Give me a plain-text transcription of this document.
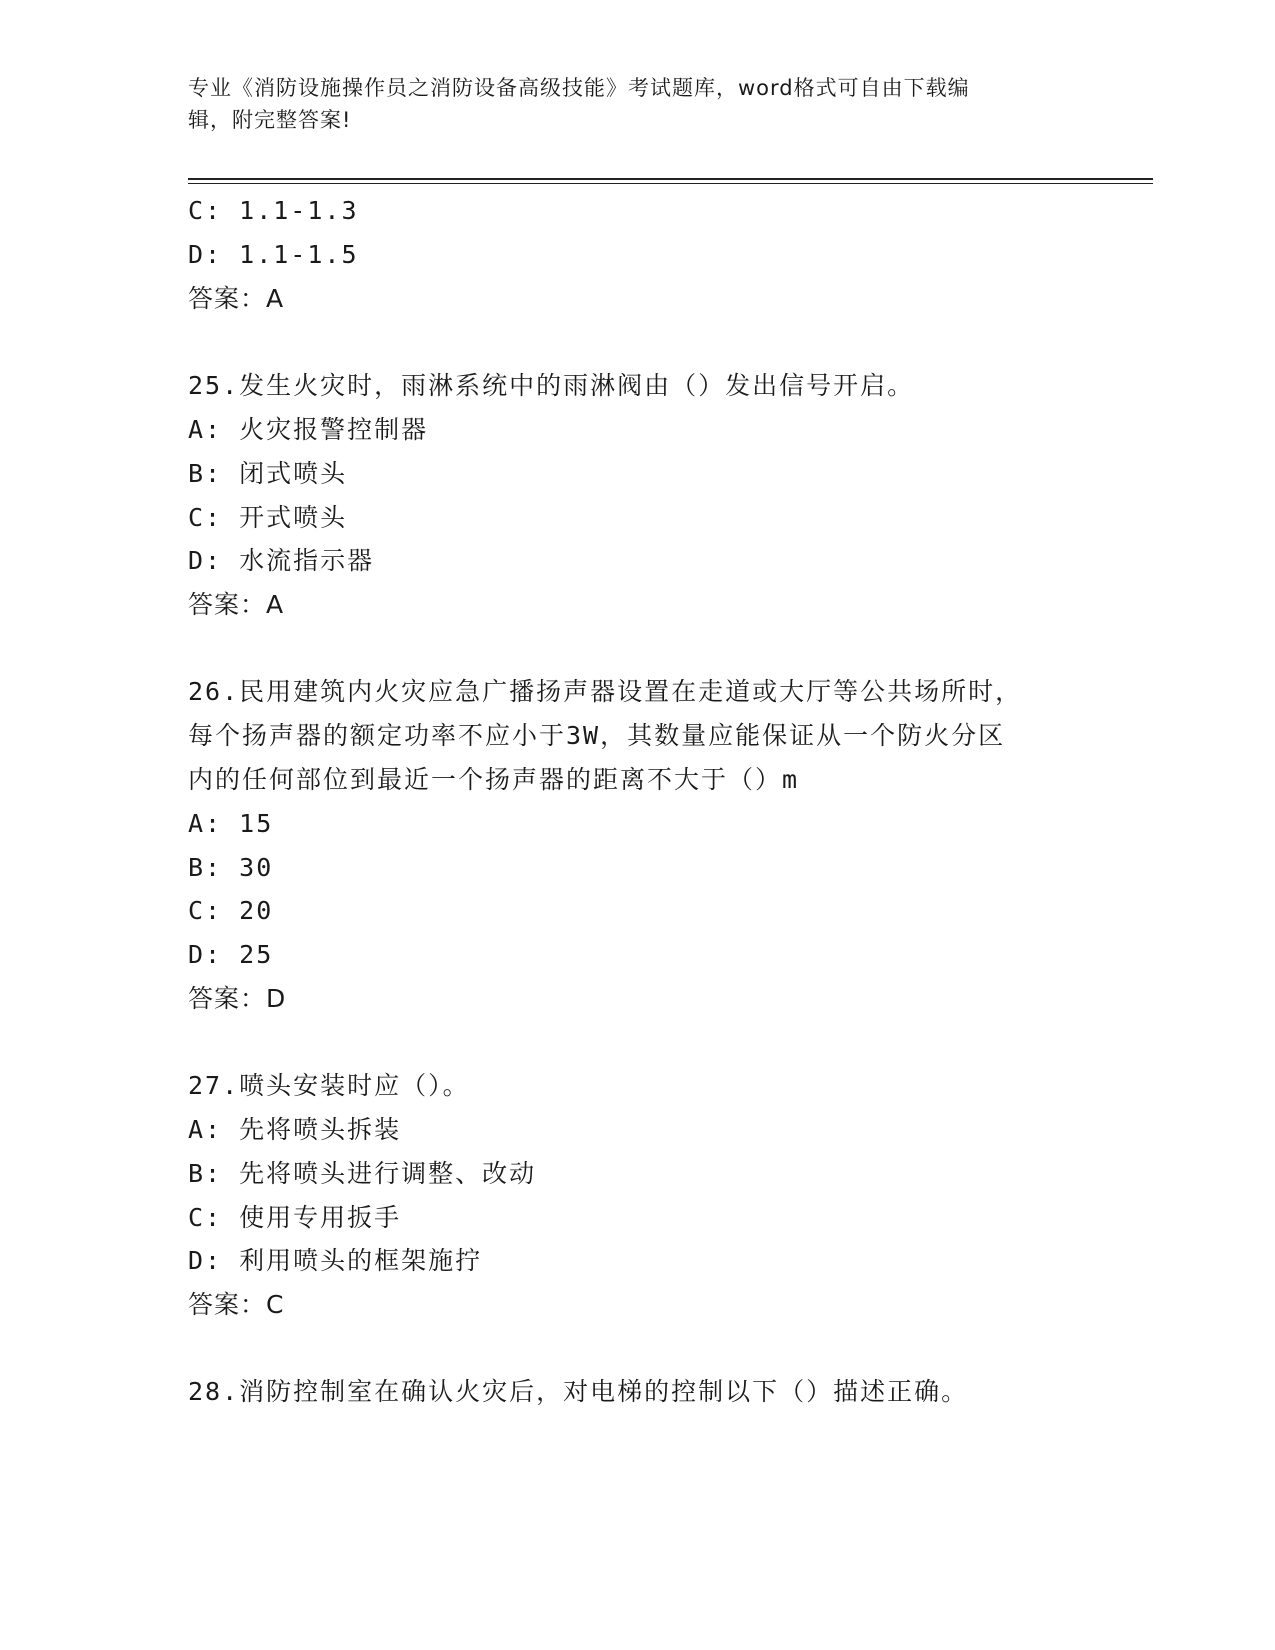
专业《消防设施操作员之消防设备高级技能》考试题库，word格式可自由下载编
辑，附完整答案!
C: 1.1-1.3
D: 1.1-1.5
答案：A
25.发生火灾时，雨淋系统中的雨淋阀由（）发出信号开启。
A: 火灾报警控制器
B: 闭式喷头
C: 开式喷头
D: 水流指示器
答案：A
26.民用建筑内火灾应急广播扬声器设置在走道或大厅等公共场所时，
每个扬声器的额定功率不应小于3W，其数量应能保证从一个防火分区
内的任何部位到最近一个扬声器的距离不大于（）m
A: 15
B: 30
C: 20
D: 25
答案：D
27.喷头安装时应（）。
A: 先将喷头拆装
B: 先将喷头进行调整、改动
C: 使用专用扳手
D: 利用喷头的框架施拧
答案：C
28.消防控制室在确认火灾后，对电梯的控制以下（）描述正确。
